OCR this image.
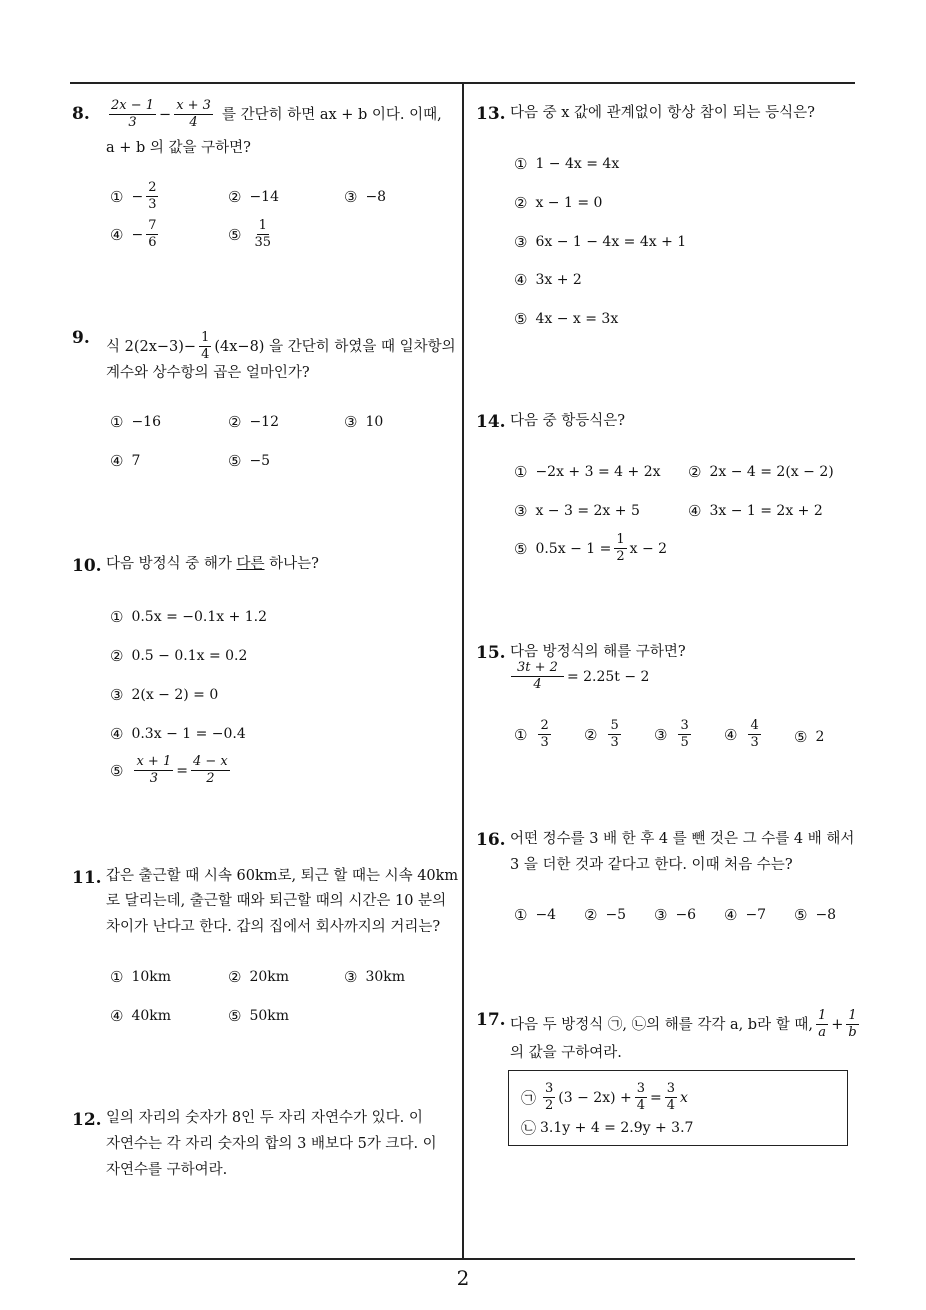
2
8. $\frac{2x - 1}{3} - \frac{x + 3}{4}$ 를 간단히 하면 ax + b 이다. 이때,
a + b 의 값을 구하면?
① − $\frac{2}{3}$	② −14	③ −8
④ − $\frac{7}{6}$	⑤ $\frac{1}{35}$
9. 식 $2(2x-3)- \frac{1}{4} (4x-8)$ 을 간단히 하였을 때 일차항의
계수와 상수항의 곱은 얼마인가?
① −16	② −12	③ 10
④ 7	⑤ −5
10. 다음 방정식 중 해가 다른 하나는?
① 0.5x = −0.1x + 1.2
② 0.5 − 0.1x = 0.2
③ 2(x − 2) = 0
④ 0.3x − 1 = −0.4
⑤ $\frac{x + 1}{3} = \frac{4 - x}{2}$
11. 갑은 출근할 때 시속 60km로, 퇴근 할 때는 시속 40km
로 달리는데, 출근할 때와 퇴근할 때의 시간은 10 분의
차이가 난다고 한다. 갑의 집에서 회사까지의 거리는?
① 10km	② 20km	③ 30km
④ 40km	⑤ 50km
12. 일의 자리의 숫자가 8인 두 자리 자연수가 있다. 이
자연수는 각 자리 숫자의 합의 3 배보다 5가 크다. 이
자연수를 구하여라.
13. 다음 중 x 값에 관계없이 항상 참이 되는 등식은?
① 1 − 4x = 4x
② x − 1 = 0
③ 6x − 1 − 4x = 4x + 1
④ 3x + 2
⑤ 4x − x = 3x
14. 다음 중 항등식은?
① −2x + 3 = 4 + 2x ② 2x − 4 = 2(x − 2)
③ x − 3 = 2x + 5	④ 3x − 1 = 2x + 2
⑤ $0.5x - 1 = \frac{1}{2}$ x − 2
15. 다음 방정식의 해를 구하면?
$\frac{3t + 2}{4} = 2.25t - 2$
① $\frac{2}{3}$ ② $\frac{5}{3}$ ③ $\frac{3}{5}$ ④ $\frac{4}{3}$ ⑤ 2
16. 어떤 정수를 3 배 한 후 4 를 뺀 것은 그 수를 4 배 해서
3 을 더한 것과 같다고 한다. 이때 처음 수는?
① −4 ② −5 ③ −6 ④ −7 ⑤ −8
17. 다음 두 방정식 ㉠, ㉡의 해를 각각 a, b라 할 때, $\frac{1}{a} + \frac{1}{b}$
의 값을 구하여라.
㉠ $\frac{3}{2} (3 - 2x) + \frac{3}{4} = \frac{3}{4}$ x
㉡ 3.1y + 4 = 2.9y + 3.7
